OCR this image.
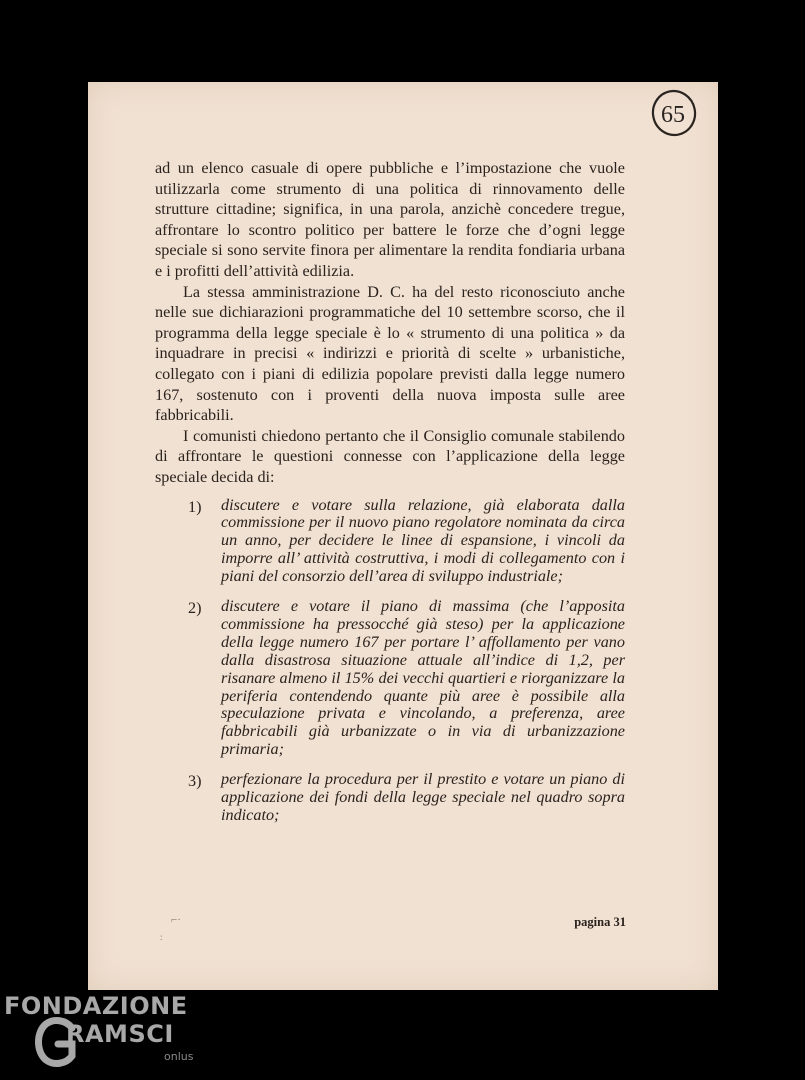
65

ad un elenco casuale di opere pubbliche e l’impostazione che vuole utilizzarla come strumento di una politica di rinnovamento delle strutture cittadine; significa, in una parola, anzichè concedere tregue, affrontare lo scontro politico per battere le forze che d’ogni legge speciale si sono servite finora per alimentare la rendita fondiaria urbana e i profitti dell’attività edilizia.

La stessa amministrazione D. C. ha del resto riconosciuto anche nelle sue dichiarazioni programmatiche del 10 settembre scorso, che il programma della legge speciale è lo « strumento di una politica » da inquadrare in precisi « indirizzi e priorità di scelte » urbanistiche, collegato con i piani di edilizia popolare previsti dalla legge numero 167, sostenuto con i proventi della nuova imposta sulle aree fabbricabili.

I comunisti chiedono pertanto che il Consiglio comunale stabilendo di affrontare le questioni connesse con l’applicazione della legge speciale decida di:

1)	discutere e votare sulla relazione, già elaborata dalla commissione per il nuovo piano regolatore nominata da circa un anno, per decidere le linee di espansione, i vincoli da imporre all’ attività costruttiva, i modi di collegamento con i piani del consorzio dell’area di sviluppo industriale;
2)	discutere e votare il piano di massima (che l’apposita commissione ha pressocché già steso) per la applicazione della legge numero 167 per portare l’ affollamento per vano dalla disastrosa situazione attuale all’indice di 1,2, per risanare almeno il 15% dei vecchi quartieri e riorganizzare la periferia contendendo quante più aree è possibile alla speculazione privata e vincolando, a preferenza, aree fabbricabili già urbanizzate o in via di urbanizzazione primaria;
3)	perfezionare la procedura per il prestito e votare un piano di applicazione dei fondi della legge speciale nel quadro sopra indicato;
⌐·
:
pagina 31
FONDAZIONE
RAMSCI
onlus
